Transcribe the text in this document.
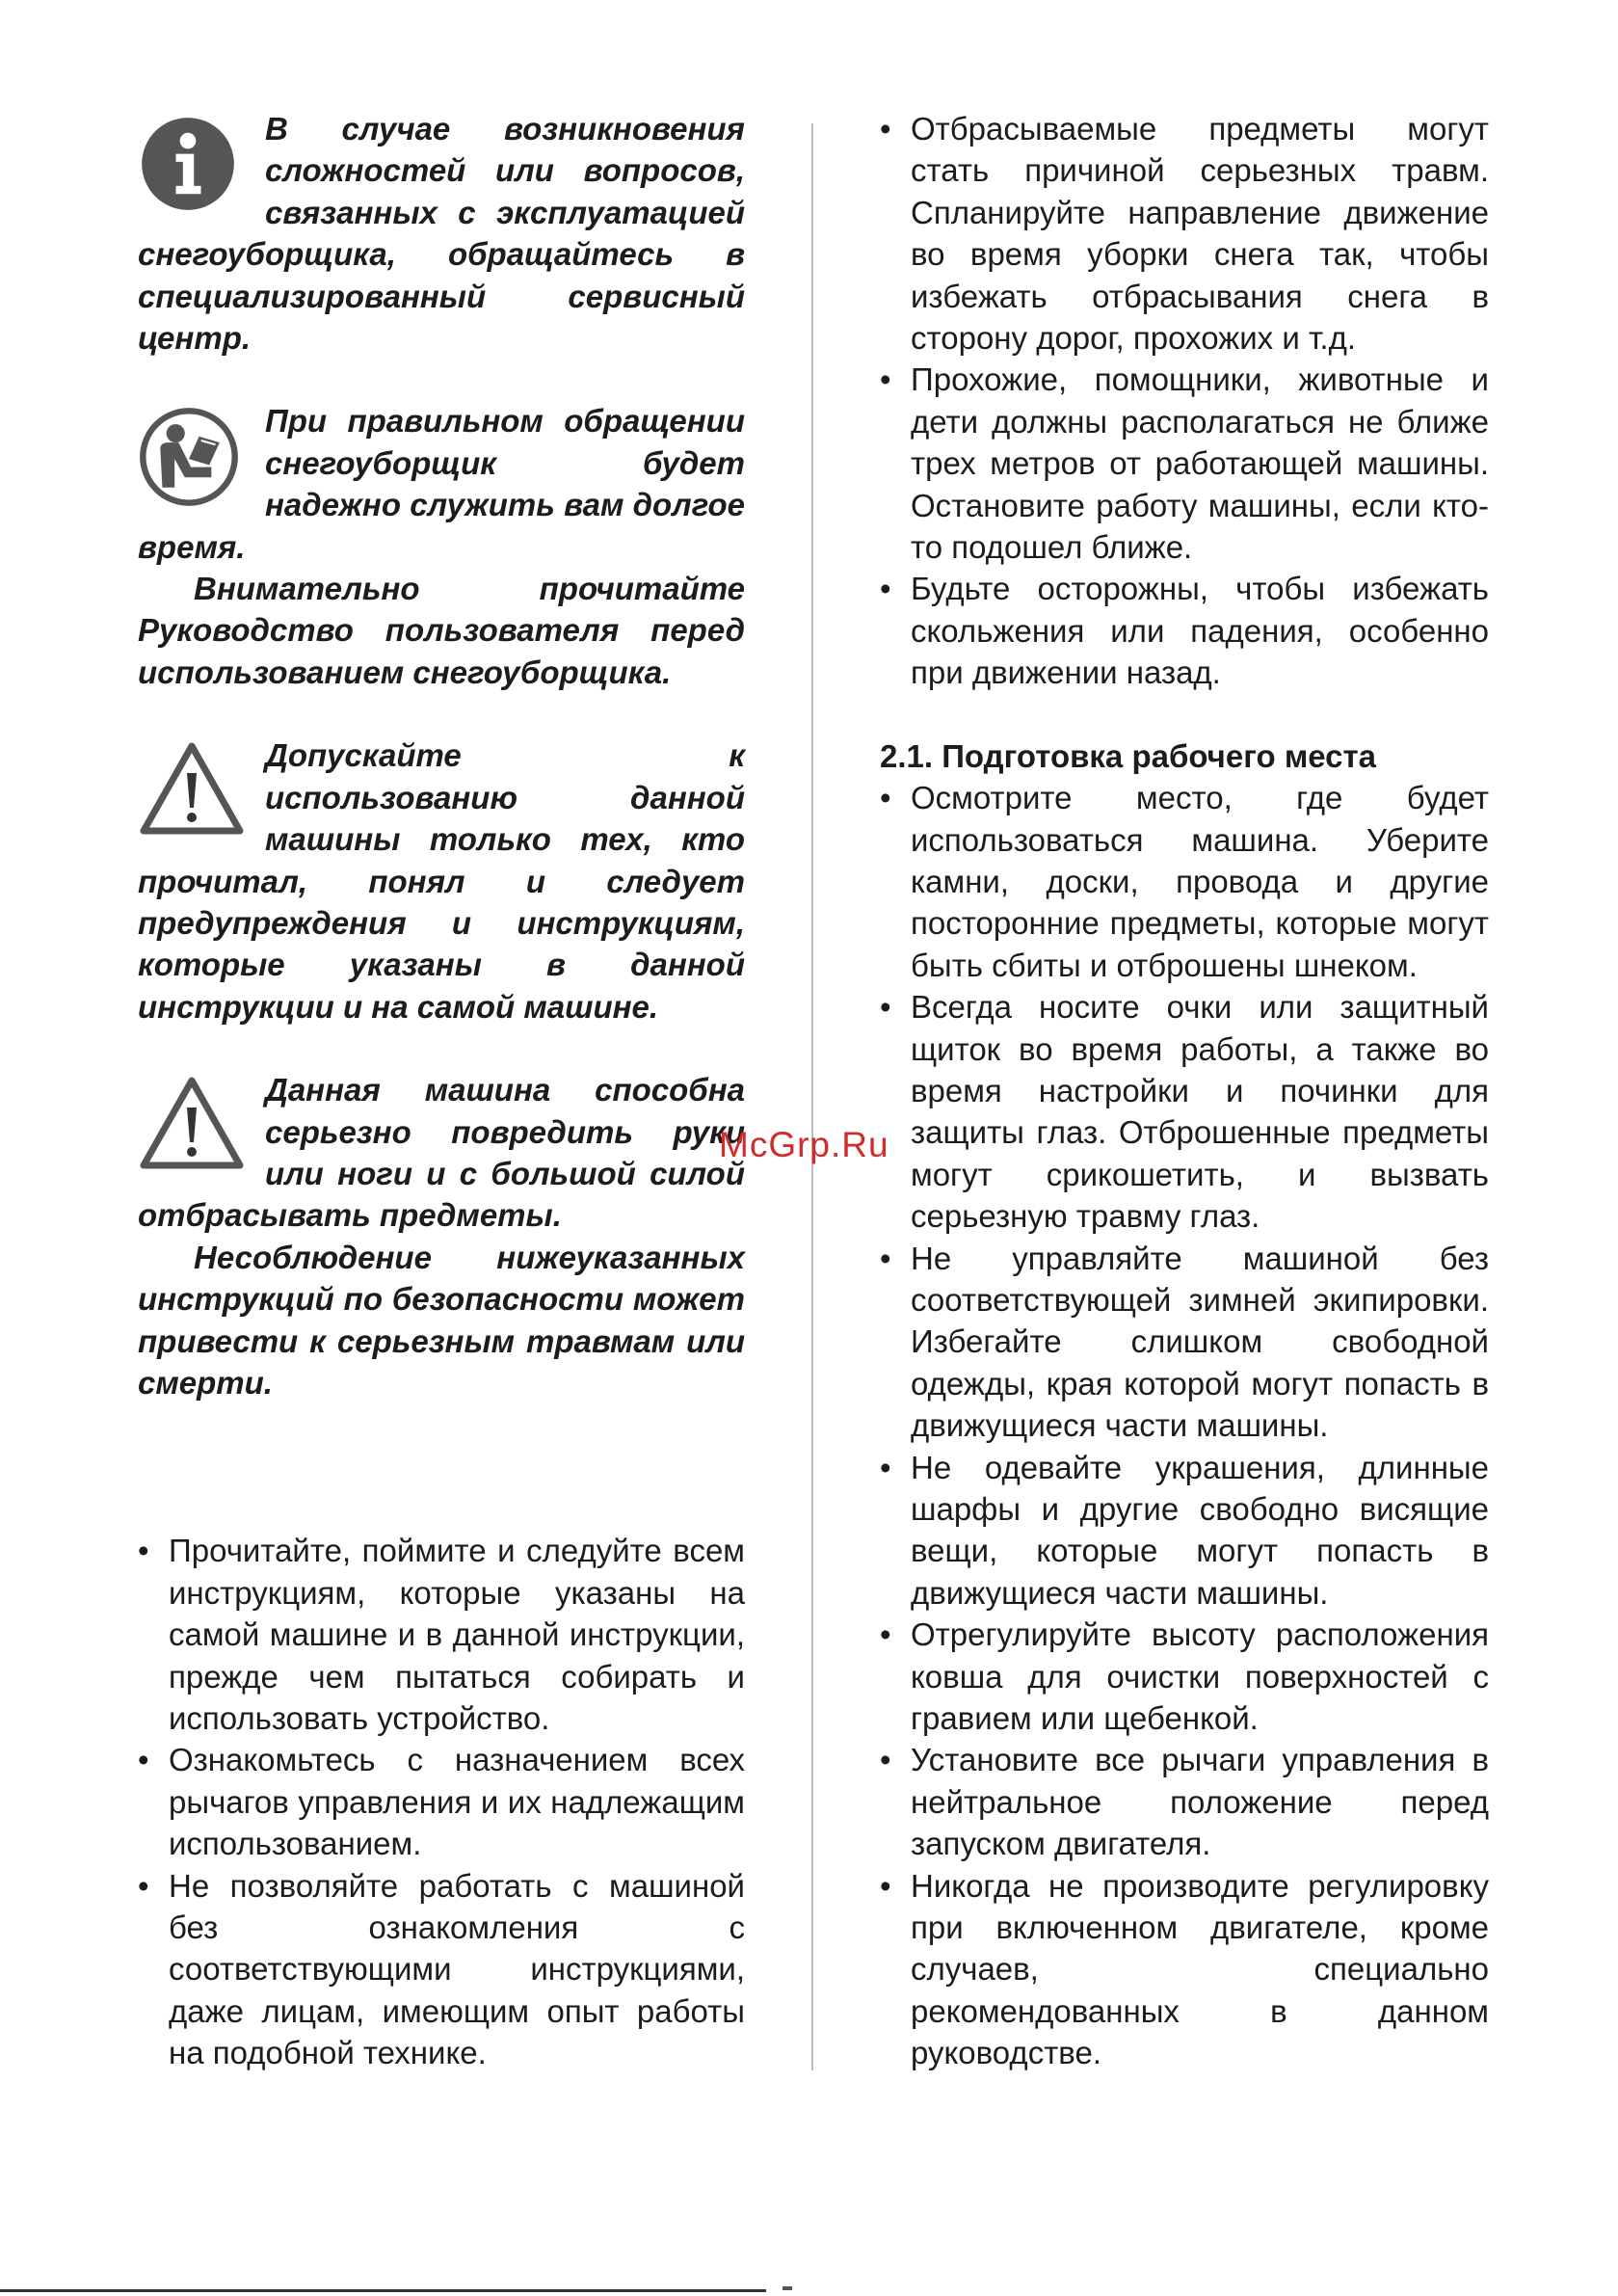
В случае возникновения сложностей или вопросов, связанных с эксплуатацией снегоуборщика, обращайтесь в специализированный сервисный центр.
При правильном обращении снегоуборщик будет надежно служить вам долгое время.
Внимательно прочитайте Руководство пользователя перед использованием снегоуборщика.
Допускайте к использованию данной машины только тех, кто прочитал, понял и следует предупреждения и инструкциям, которые указаны в данной инструкции и на самой машине.
Данная машина способна серьезно повредить руки или ноги и с большой силой отбрасывать предметы.
Несоблюдение нижеуказанных инструкций по безопасности может привести к серьезным травмам или смерти.
• Прочитайте, поймите и следуйте всем инструкциям, которые указаны на самой машине и в данной инструкции, прежде чем пытаться собирать и использовать устройство.
• Ознакомьтесь с назначением всех рычагов управления и их надлежащим использованием.
• Не позволяйте работать с машиной без ознакомления с соответствующими инструкциями, даже лицам, имеющим опыт работы на подобной технике.
• Отбрасываемые предметы могут стать причиной серьезных травм. Спланируйте направление движение во время уборки снега так, чтобы избежать отбрасывания снега в сторону дорог, прохожих и т.д.
• Прохожие, помощники, животные и дети должны располагаться не ближе трех метров от работающей машины. Остановите работу машины, если кто-то подошел ближе.
• Будьте осторожны, чтобы избежать скольжения или падения, особенно при движении назад.
2.1. Подготовка рабочего места
• Осмотрите место, где будет использоваться машина. Уберите камни, доски, провода и другие посторонние предметы, которые могут быть сбиты и отброшены шнеком.
• Всегда носите очки или защитный щиток во время работы, а также во время настройки и починки для защиты глаз. Отброшенные предметы могут срикошетить, и вызвать серьезную травму глаз.
• Не управляйте машиной без соответствующей зимней экипировки. Избегайте слишком свободной одежды, края которой могут попасть в движущиеся части машины.
• Не одевайте украшения, длинные шарфы и другие свободно висящие вещи, которые могут попасть в движущиеся части машины.
• Отрегулируйте высоту расположения ковша для очистки поверхностей с гравием или щебенкой.
• Установите все рычаги управления в нейтральное положение перед запуском двигателя.
• Никогда не производите регулировку при включенном двигателе, кроме случаев, специально рекомендованных в данном руководстве.
McGrp.Ru
